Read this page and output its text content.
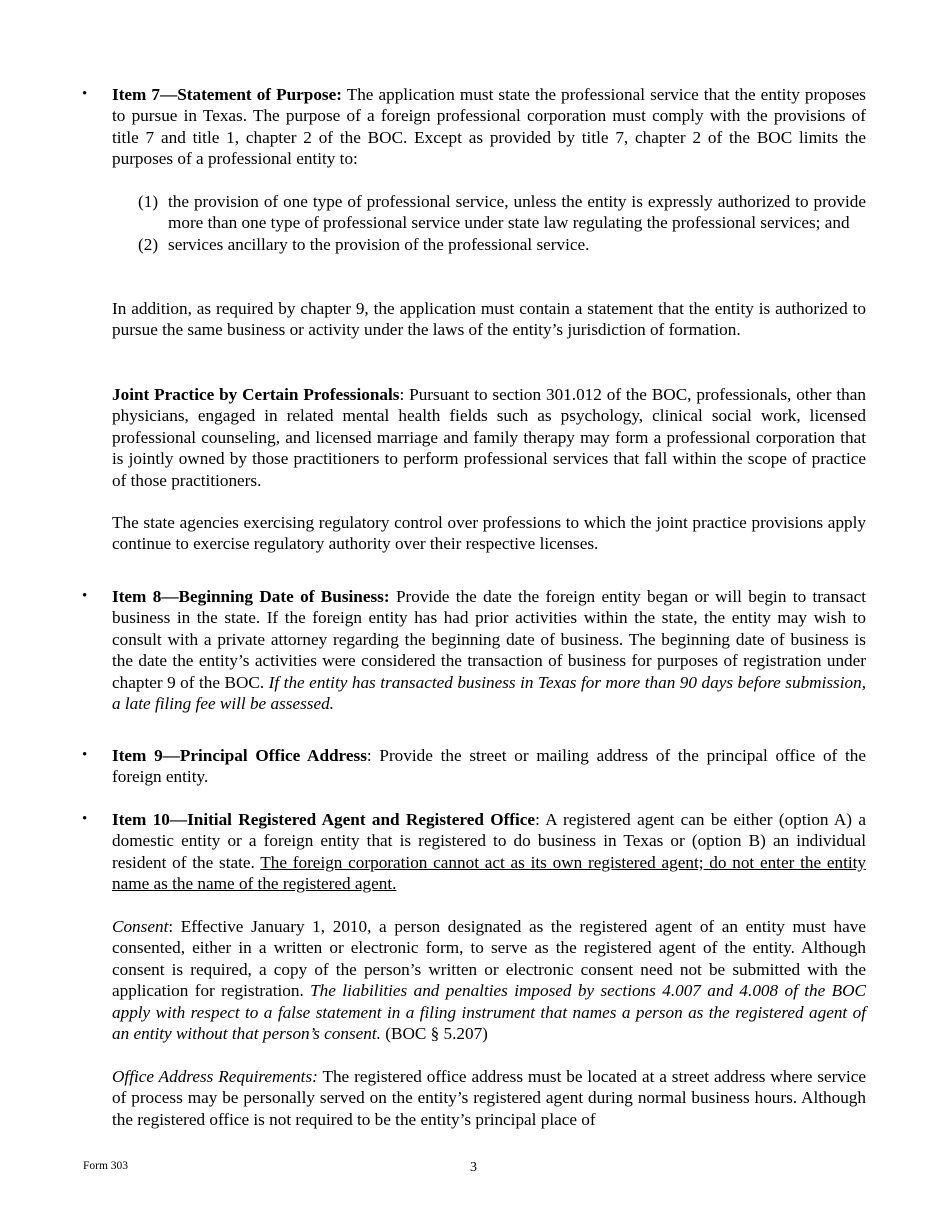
• Item 7—Statement of Purpose: The application must state the professional service that the entity proposes to pursue in Texas. The purpose of a foreign professional corporation must comply with the provisions of title 7 and title 1, chapter 2 of the BOC. Except as provided by title 7, chapter 2 of the BOC limits the purposes of a professional entity to:

(1) the provision of one type of professional service, unless the entity is expressly authorized to provide more than one type of professional service under state law regulating the professional services; and
(2) services ancillary to the provision of the professional service.

In addition, as required by chapter 9, the application must contain a statement that the entity is authorized to pursue the same business or activity under the laws of the entity’s jurisdiction of formation.

Joint Practice by Certain Professionals: Pursuant to section 301.012 of the BOC, professionals, other than physicians, engaged in related mental health fields such as psychology, clinical social work, licensed professional counseling, and licensed marriage and family therapy may form a professional corporation that is jointly owned by those practitioners to perform professional services that fall within the scope of practice of those practitioners.

The state agencies exercising regulatory control over professions to which the joint practice provisions apply continue to exercise regulatory authority over their respective licenses.

• Item 8—Beginning Date of Business: Provide the date the foreign entity began or will begin to transact business in the state. If the foreign entity has had prior activities within the state, the entity may wish to consult with a private attorney regarding the beginning date of business. The beginning date of business is the date the entity’s activities were considered the transaction of business for purposes of registration under chapter 9 of the BOC. If the entity has transacted business in Texas for more than 90 days before submission, a late filing fee will be assessed.

• Item 9—Principal Office Address: Provide the street or mailing address of the principal office of the foreign entity.

• Item 10—Initial Registered Agent and Registered Office: A registered agent can be either (option A) a domestic entity or a foreign entity that is registered to do business in Texas or (option B) an individual resident of the state. The foreign corporation cannot act as its own registered agent; do not enter the entity name as the name of the registered agent.

Consent: Effective January 1, 2010, a person designated as the registered agent of an entity must have consented, either in a written or electronic form, to serve as the registered agent of the entity. Although consent is required, a copy of the person’s written or electronic consent need not be submitted with the application for registration. The liabilities and penalties imposed by sections 4.007 and 4.008 of the BOC apply with respect to a false statement in a filing instrument that names a person as the registered agent of an entity without that person’s consent. (BOC § 5.207)

Office Address Requirements: The registered office address must be located at a street address where service of process may be personally served on the entity’s registered agent during normal business hours. Although the registered office is not required to be the entity’s principal place of

Form 303	3
